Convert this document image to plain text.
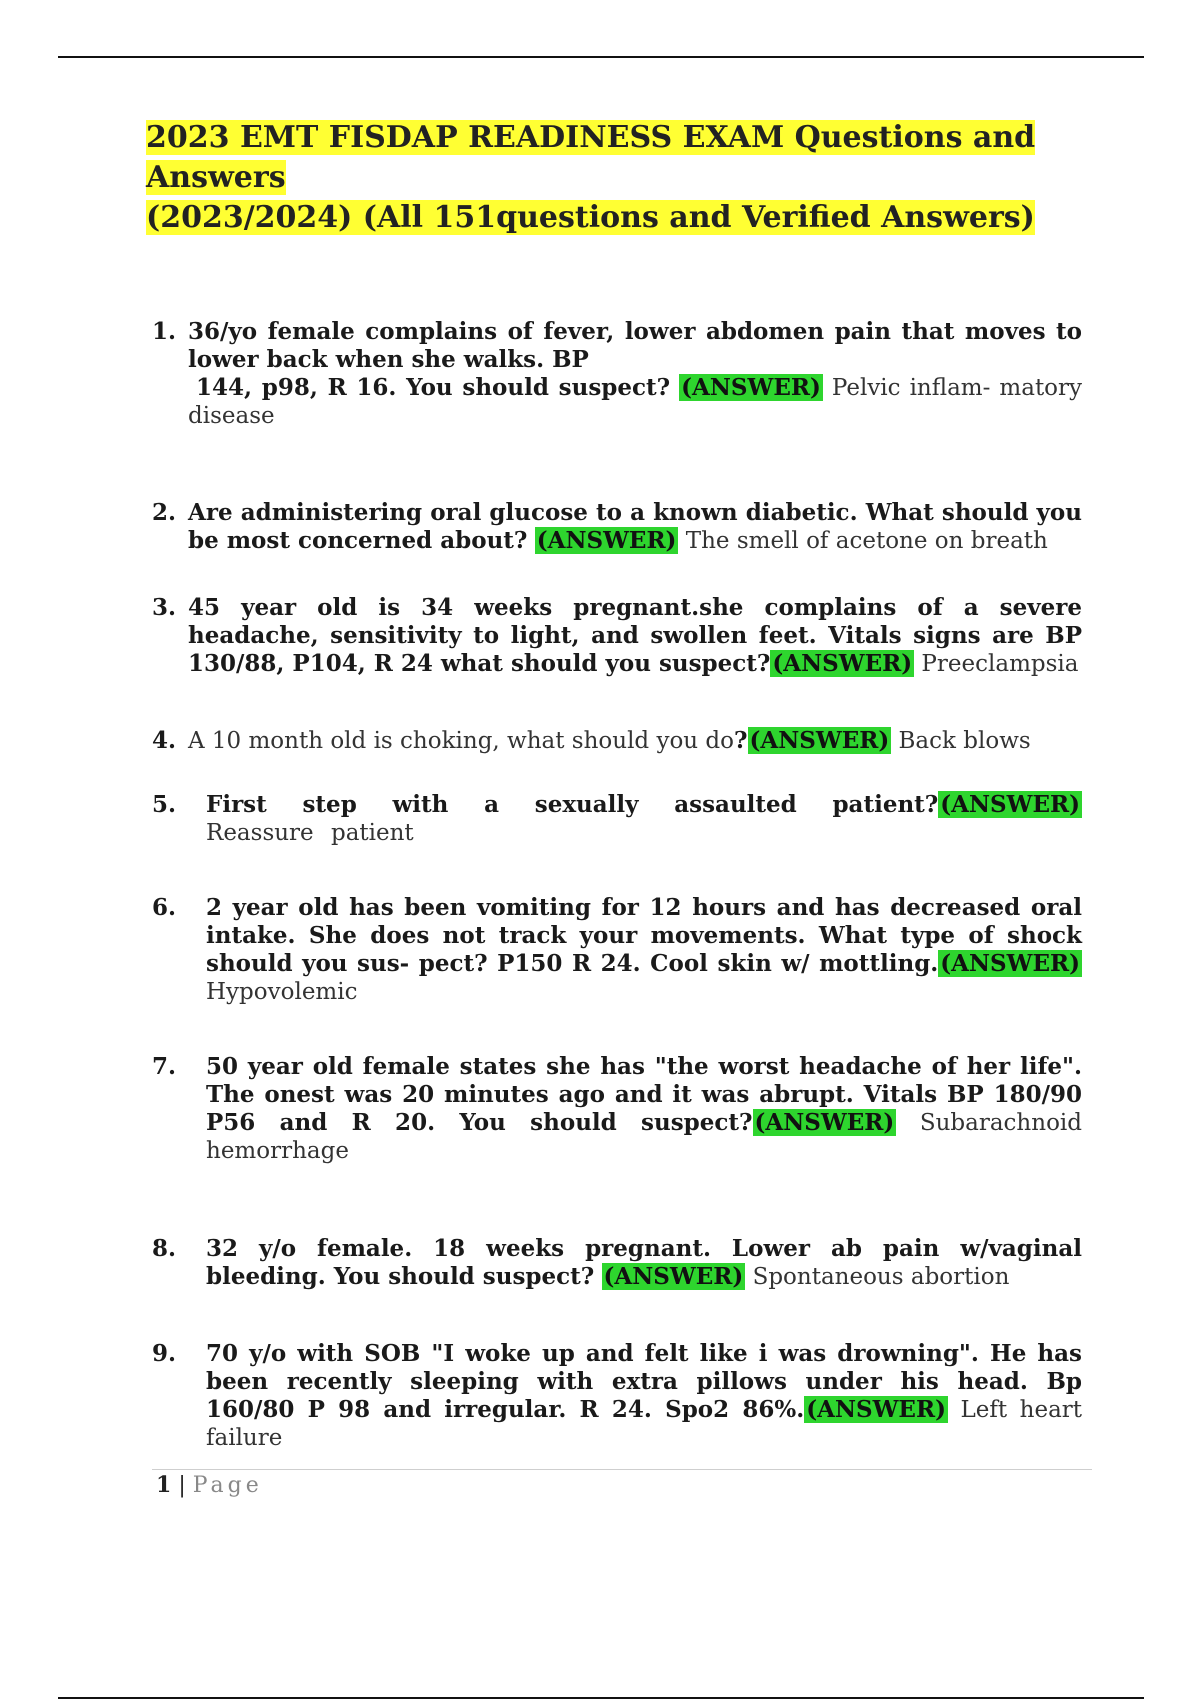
2023 EMT FISDAP READINESS EXAM Questions and
Answers
(2023/2024) (All 151questions and Verified Answers)
1. 36/yo female complains of fever, lower abdomen pain that moves to lower back when she walks. BP
144, p98, R 16. You should suspect? (ANSWER) Pelvic inflam- matory disease
2. Are administering oral glucose to a known diabetic. What should you be most concerned about? (ANSWER) The smell of acetone on breath
3. 45 year old is 34 weeks pregnant.she complains of a severe headache, sensitivity to light, and swollen feet. Vitals signs are BP 130/88, P104, R 24 what should you suspect?(ANSWER) Preeclampsia
4. A 10 month old is choking, what should you do?(ANSWER) Back blows
5. First step with a sexually assaulted patient?(ANSWER) Reassure patient
6. 2 year old has been vomiting for 12 hours and has decreased oral intake. She does not track your movements. What type of shock should you sus- pect? P150 R 24. Cool skin w/ mottling.(ANSWER) Hypovolemic
7. 50 year old female states she has "the worst headache of her life". The onest was 20 minutes ago and it was abrupt. Vitals BP 180/90 P56 and R 20. You should suspect?(ANSWER) Subarachnoid hemorrhage
8. 32 y/o female. 18 weeks pregnant. Lower ab pain w/vaginal bleeding. You should suspect? (ANSWER) Spontaneous abortion
9. 70 y/o with SOB "I woke up and felt like i was drowning". He has been recently sleeping with extra pillows under his head. Bp 160/80 P 98 and irregular. R 24. Spo2 86%.(ANSWER) Left heart failure
1 | Page
